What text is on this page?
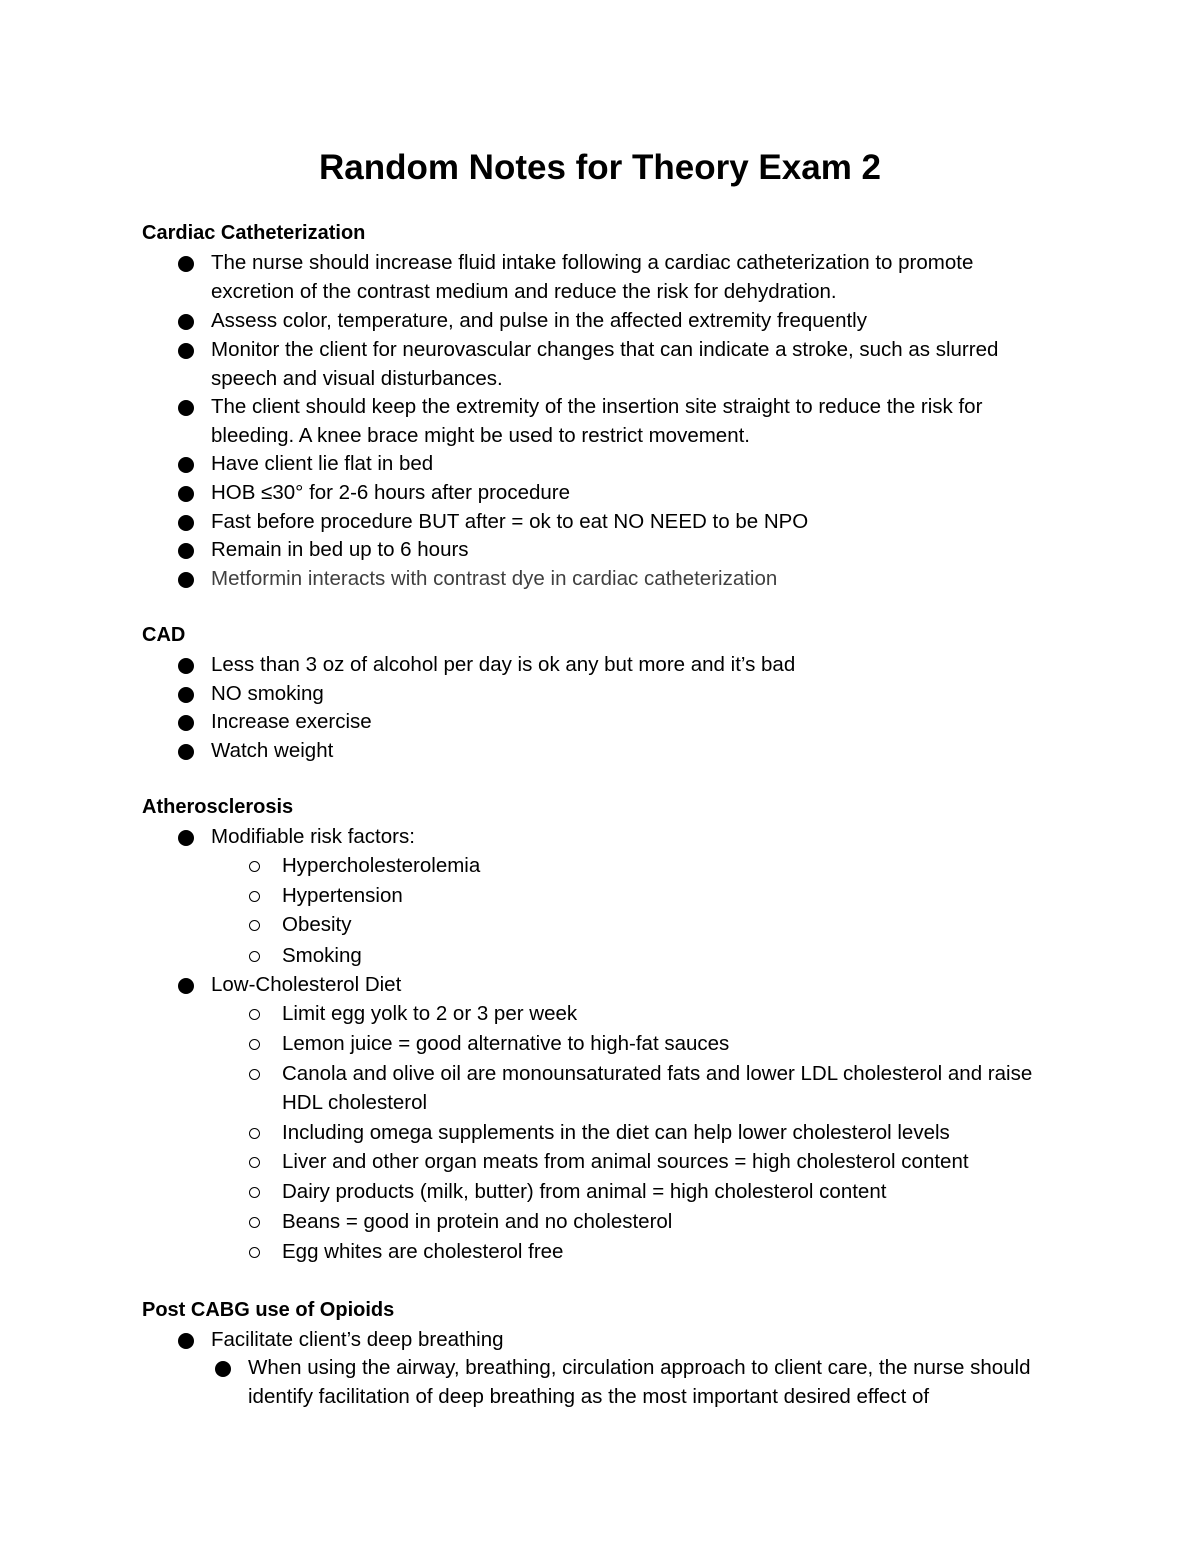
Random Notes for Theory Exam 2
Cardiac Catheterization
The nurse should increase fluid intake following a cardiac catheterization to promote excretion of the contrast medium and reduce the risk for dehydration.
Assess color, temperature, and pulse in the affected extremity frequently
Monitor the client for neurovascular changes that can indicate a stroke, such as slurred speech and visual disturbances.
The client should keep the extremity of the insertion site straight to reduce the risk for bleeding. A knee brace might be used to restrict movement.
Have client lie flat in bed
HOB ≤30° for 2-6 hours after procedure
Fast before procedure BUT after = ok to eat NO NEED to be NPO
Remain in bed up to 6 hours
Metformin interacts with contrast dye in cardiac catheterization
CAD
Less than 3 oz of alcohol per day is ok any but more and it’s bad
NO smoking
Increase exercise
Watch weight
Atherosclerosis
Modifiable risk factors:
Hypercholesterolemia
Hypertension
Obesity
Smoking
Low-Cholesterol Diet
Limit egg yolk to 2 or 3 per week
Lemon juice = good alternative to high-fat sauces
Canola and olive oil are monounsaturated fats and lower LDL cholesterol and raise HDL cholesterol
Including omega supplements in the diet can help lower cholesterol levels
Liver and other organ meats from animal sources = high cholesterol content
Dairy products (milk, butter) from animal = high cholesterol content
Beans = good in protein and no cholesterol
Egg whites are cholesterol free
Post CABG use of Opioids
Facilitate client’s deep breathing
When using the airway, breathing, circulation approach to client care, the nurse should identify facilitation of deep breathing as the most important desired effect of
